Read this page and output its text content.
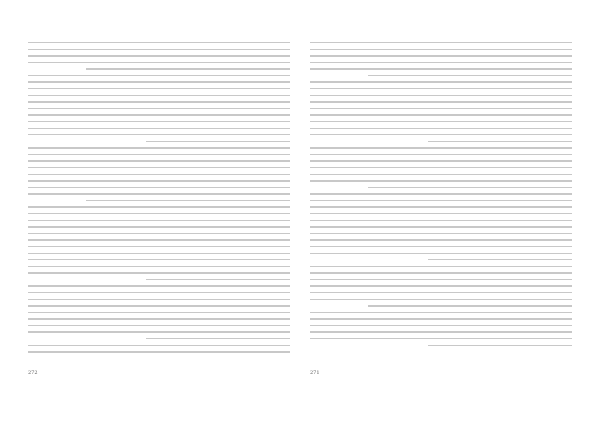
272	271
